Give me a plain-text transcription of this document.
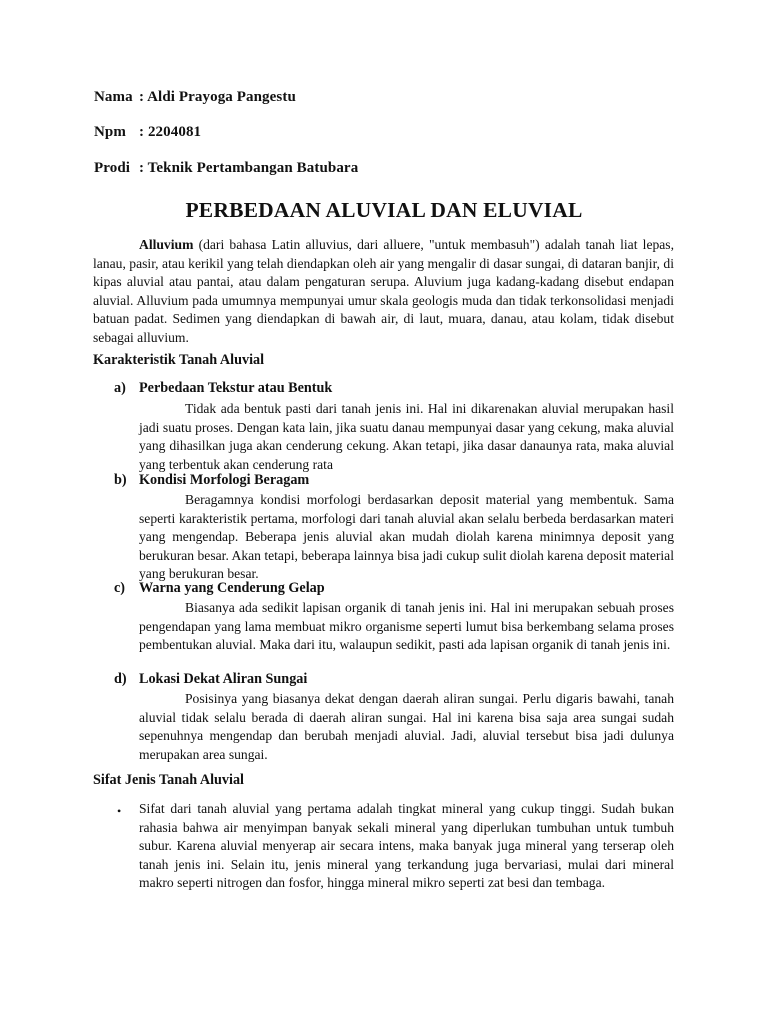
Nama : Aldi Prayoga Pangestu
Npm : 2204081
Prodi : Teknik Pertambangan Batubara
PERBEDAAN ALUVIAL DAN ELUVIAL
Alluvium (dari bahasa Latin alluvius, dari alluere, "untuk membasuh") adalah tanah liat lepas, lanau, pasir, atau kerikil yang telah diendapkan oleh air yang mengalir di dasar sungai, di dataran banjir, di kipas aluvial atau pantai, atau dalam pengaturan serupa. Aluvium juga kadang-kadang disebut endapan aluvial. Alluvium pada umumnya mempunyai umur skala geologis muda dan tidak terkonsolidasi menjadi batuan padat. Sedimen yang diendapkan di bawah air, di laut, muara, danau, atau kolam, tidak disebut sebagai alluvium.
Karakteristik Tanah Aluvial
a) Perbedaan Tekstur atau Bentuk
Tidak ada bentuk pasti dari tanah jenis ini. Hal ini dikarenakan aluvial merupakan hasil jadi suatu proses. Dengan kata lain, jika suatu danau mempunyai dasar yang cekung, maka aluvial yang dihasilkan juga akan cenderung cekung. Akan tetapi, jika dasar danaunya rata, maka aluvial yang terbentuk akan cenderung rata
b) Kondisi Morfologi Beragam
Beragamnya kondisi morfologi berdasarkan deposit material yang membentuk. Sama seperti karakteristik pertama, morfologi dari tanah aluvial akan selalu berbeda berdasarkan materi yang mengendap. Beberapa jenis aluvial akan mudah diolah karena minimnya deposit yang berukuran besar. Akan tetapi, beberapa lainnya bisa jadi cukup sulit diolah karena deposit material yang berukuran besar.
c) Warna yang Cenderung Gelap
Biasanya ada sedikit lapisan organik di tanah jenis ini. Hal ini merupakan sebuah proses pengendapan yang lama membuat mikro organisme seperti lumut bisa berkembang selama proses pembentukan aluvial. Maka dari itu, walaupun sedikit, pasti ada lapisan organik di tanah jenis ini.
d) Lokasi Dekat Aliran Sungai
Posisinya yang biasanya dekat dengan daerah aliran sungai. Perlu digaris bawahi, tanah aluvial tidak selalu berada di daerah aliran sungai. Hal ini karena bisa saja area sungai sudah sepenuhnya mengendap dan berubah menjadi aluvial. Jadi, aluvial tersebut bisa jadi dulunya merupakan area sungai.
Sifat Jenis Tanah Aluvial
• Sifat dari tanah aluvial yang pertama adalah tingkat mineral yang cukup tinggi. Sudah bukan rahasia bahwa air menyimpan banyak sekali mineral yang diperlukan tumbuhan untuk tumbuh subur. Karena aluvial menyerap air secara intens, maka banyak juga mineral yang terserap oleh tanah jenis ini. Selain itu, jenis mineral yang terkandung juga bervariasi, mulai dari mineral makro seperti nitrogen dan fosfor, hingga mineral mikro seperti zat besi dan tembaga.
